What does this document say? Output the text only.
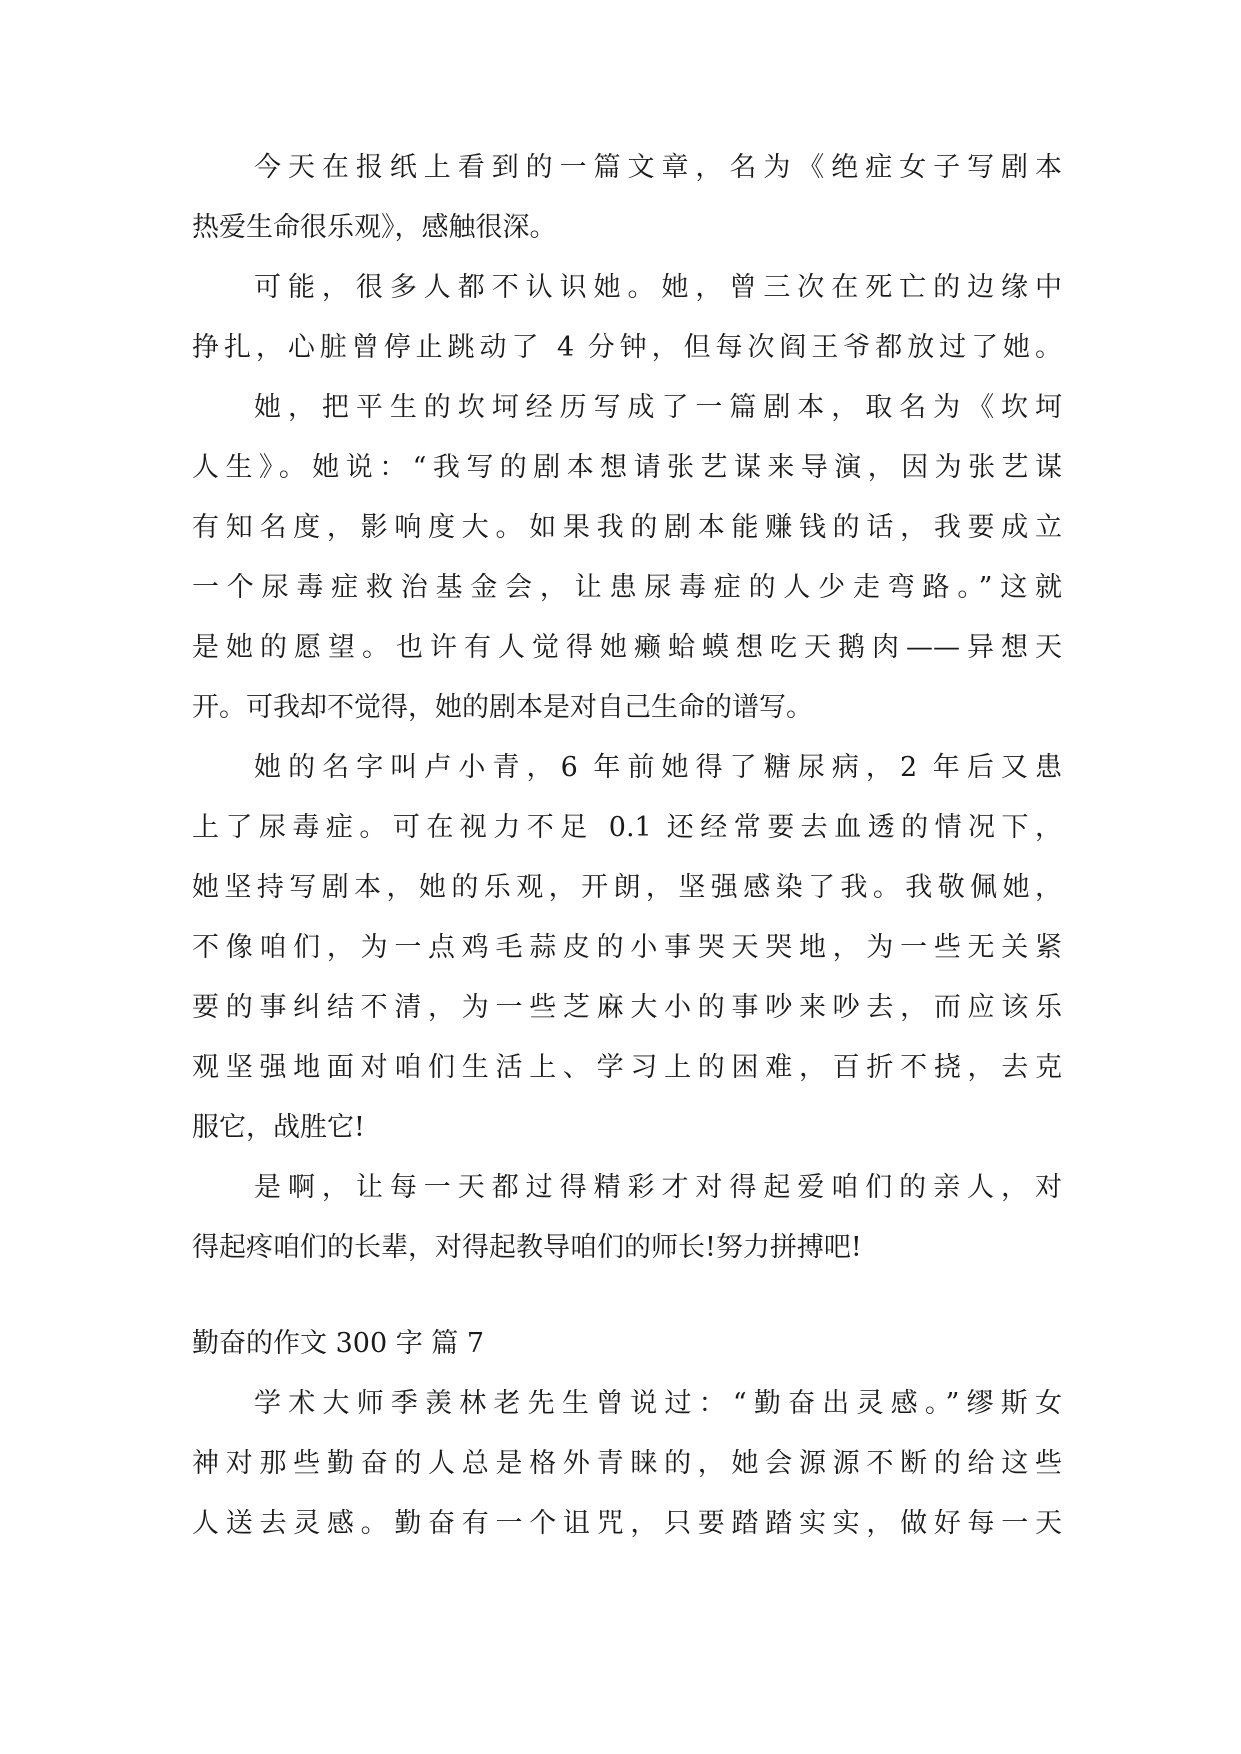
今天在报纸上看到的一篇文章，名为《绝症女子写剧本
热爱生命很乐观》，感触很深。
可能，很多人都不认识她。她，曾三次在死亡的边缘中
挣扎，心脏曾停止跳动了 4 分钟，但每次阎王爷都放过了她。
她，把平生的坎坷经历写成了一篇剧本，取名为《坎坷
人生》。她说：“我写的剧本想请张艺谋来导演，因为张艺谋
有知名度，影响度大。如果我的剧本能赚钱的话，我要成立
一个尿毒症救治基金会，让患尿毒症的人少走弯路。”这就
是她的愿望。也许有人觉得她癞蛤蟆想吃天鹅肉——异想天
开。可我却不觉得，她的剧本是对自己生命的谱写。
她的名字叫卢小青，6 年前她得了糖尿病，2 年后又患
上了尿毒症。可在视力不足 0.1 还经常要去血透的情况下，
她坚持写剧本，她的乐观，开朗，坚强感染了我。我敬佩她，
不像咱们，为一点鸡毛蒜皮的小事哭天哭地，为一些无关紧
要的事纠结不清，为一些芝麻大小的事吵来吵去，而应该乐
观坚强地面对咱们生活上、学习上的困难，百折不挠，去克
服它，战胜它!
是啊，让每一天都过得精彩才对得起爱咱们的亲人，对
得起疼咱们的长辈，对得起教导咱们的师长!努力拼搏吧!
勤奋的作文 300 字 篇 7
学术大师季羡林老先生曾说过：“勤奋出灵感。”缪斯女
神对那些勤奋的人总是格外青睐的，她会源源不断的给这些
人送去灵感。勤奋有一个诅咒，只要踏踏实实，做好每一天
